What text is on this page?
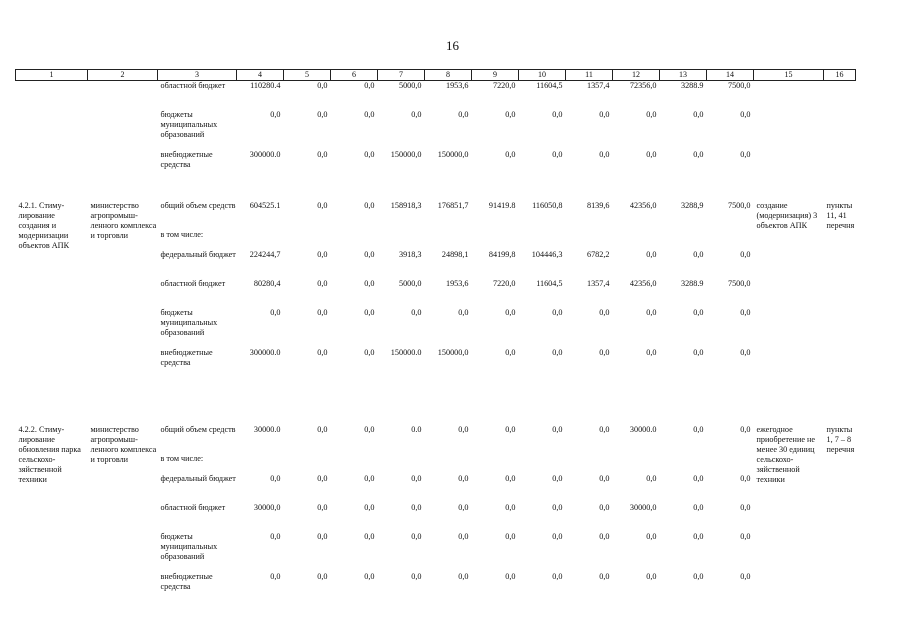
16
1	2	3	4	5	6	7	8	9	10	11	12	13	14	15	16
		областной бюджет	110280.4	0,0	0,0	5000,0	1953,6	7220,0	11604,5	1357,4	72356,0	3288.9	7500,0		
		бюджеты муниципальных образований	0,0	0,0	0,0	0,0	0,0	0,0	0,0	0,0	0,0	0,0	0,0		
		внебюджетные средства	300000.0	0,0	0,0	150000,0	150000,0	0,0	0,0	0,0	0,0	0,0	0,0		

4.2.1. Стиму-лирование создания и модернизации объектов АПК	министерство агропромыш-ленного комплекса и торговли	общий объем средств	604525.1	0,0	0,0	158918,3	176851,7	91419.8	116050,8	8139,6	42356,0	3288,9	7500,0	создание (модернизация) 3 объектов АПК	пункты 11, 41 перечня
		в том числе:													
		федеральный бюджет	224244,7	0,0	0,0	3918,3	24898,1	84199,8	104446,3	6782,2	0,0	0,0	0,0		
		областной бюджет	80280,4	0,0	0,0	5000,0	1953,6	7220,0	11604,5	1357,4	42356,0	3288.9	7500,0		
		бюджеты муниципальных образований	0,0	0,0	0,0	0,0	0,0	0,0	0,0	0,0	0,0	0,0	0,0		
		внебюджетные средства	300000.0	0,0	0,0	150000.0	150000,0	0,0	0,0	0,0	0,0	0,0	0,0		

4.2.2. Стиму-лирование обновления парка сельскохо-зяйственной техники	министерство агропромыш-ленного комплекса и торговли	общий объем средств	30000.0	0,0	0,0	0.0	0,0	0,0	0,0	0,0	30000.0	0,0	0,0	ежегодное приобретение не менее 30 единиц сельскохо-зяйственной техники	пункты 1, 7 – 8 перечня
		в том числе:													
		федеральный бюджет	0,0	0,0	0,0	0,0	0,0	0,0	0,0	0,0	0,0	0,0	0,0		
		областной бюджет	30000,0	0,0	0,0	0,0	0,0	0,0	0,0	0,0	30000,0	0,0	0,0		
		бюджеты муниципальных образований	0,0	0,0	0,0	0,0	0,0	0,0	0,0	0,0	0,0	0,0	0,0		
		внебюджетные средства	0,0	0,0	0,0	0,0	0,0	0,0	0,0	0,0	0,0	0,0	0,0		
